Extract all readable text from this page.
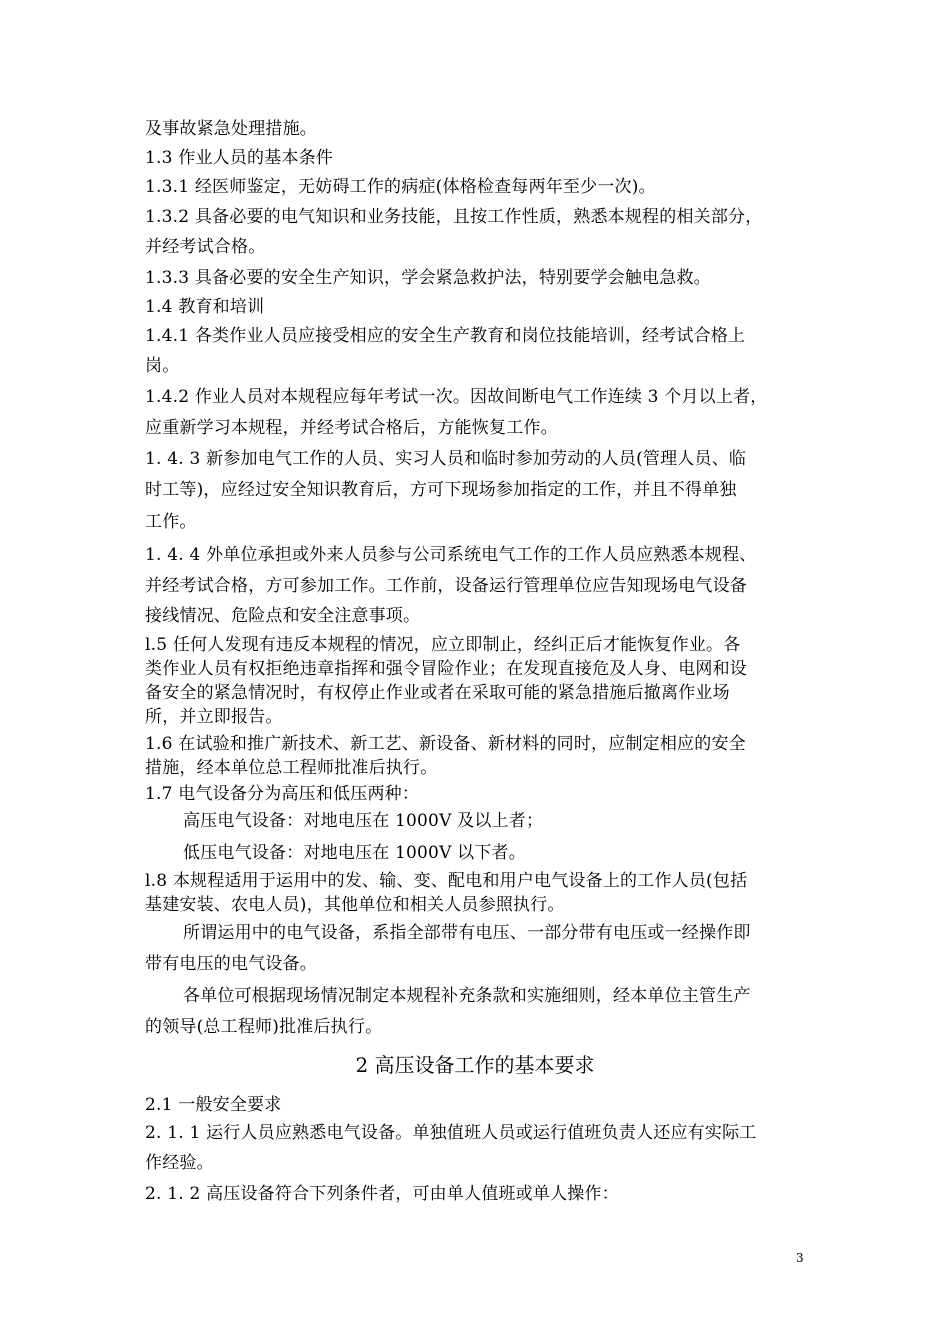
及事故紧急处理措施。
1.3 作业人员的基本条件
1.3.1 经医师鉴定，无妨碍工作的病症(体格检查每两年至少一次)。
1.3.2 具备必要的电气知识和业务技能，且按工作性质，熟悉本规程的相关部分，
并经考试合格。
1.3.3 具备必要的安全生产知识，学会紧急救护法，特别要学会触电急救。
1.4 教育和培训
1.4.1 各类作业人员应接受相应的安全生产教育和岗位技能培训，经考试合格上
岗。
1.4.2 作业人员对本规程应每年考试一次。因故间断电气工作连续 3 个月以上者，
应重新学习本规程，并经考试合格后，方能恢复工作。
1. 4. 3 新参加电气工作的人员、实习人员和临时参加劳动的人员(管理人员、临
时工等)，应经过安全知识教育后，方可下现场参加指定的工作，并且不得单独
工作。
1. 4. 4 外单位承担或外来人员参与公司系统电气工作的工作人员应熟悉本规程、
并经考试合格，方可参加工作。工作前，设备运行管理单位应告知现场电气设备
接线情况、危险点和安全注意事项。
l.5 任何人发现有违反本规程的情况，应立即制止，经纠正后才能恢复作业。各
类作业人员有权拒绝违章指挥和强令冒险作业；在发现直接危及人身、电网和设
备安全的紧急情况时，有权停止作业或者在采取可能的紧急措施后撤离作业场
所，并立即报告。
1.6 在试验和推广新技术、新工艺、新设备、新材料的同时，应制定相应的安全
措施，经本单位总工程师批准后执行。
1.7 电气设备分为高压和低压两种：
高压电气设备：对地电压在 1000V 及以上者；
低压电气设备：对地电压在 1000V 以下者。
l.8 本规程适用于运用中的发、输、变、配电和用户电气设备上的工作人员(包括
基建安装、农电人员)，其他单位和相关人员参照执行。
所谓运用中的电气设备，系指全部带有电压、一部分带有电压或一经操作即
带有电压的电气设备。
各单位可根据现场情况制定本规程补充条款和实施细则，经本单位主管生产
的领导(总工程师)批准后执行。
2 高压设备工作的基本要求
2.1 一般安全要求
2. 1. 1 运行人员应熟悉电气设备。单独值班人员或运行值班负责人还应有实际工
作经验。
2. 1. 2 高压设备符合下列条件者，可由单人值班或单人操作：
3
